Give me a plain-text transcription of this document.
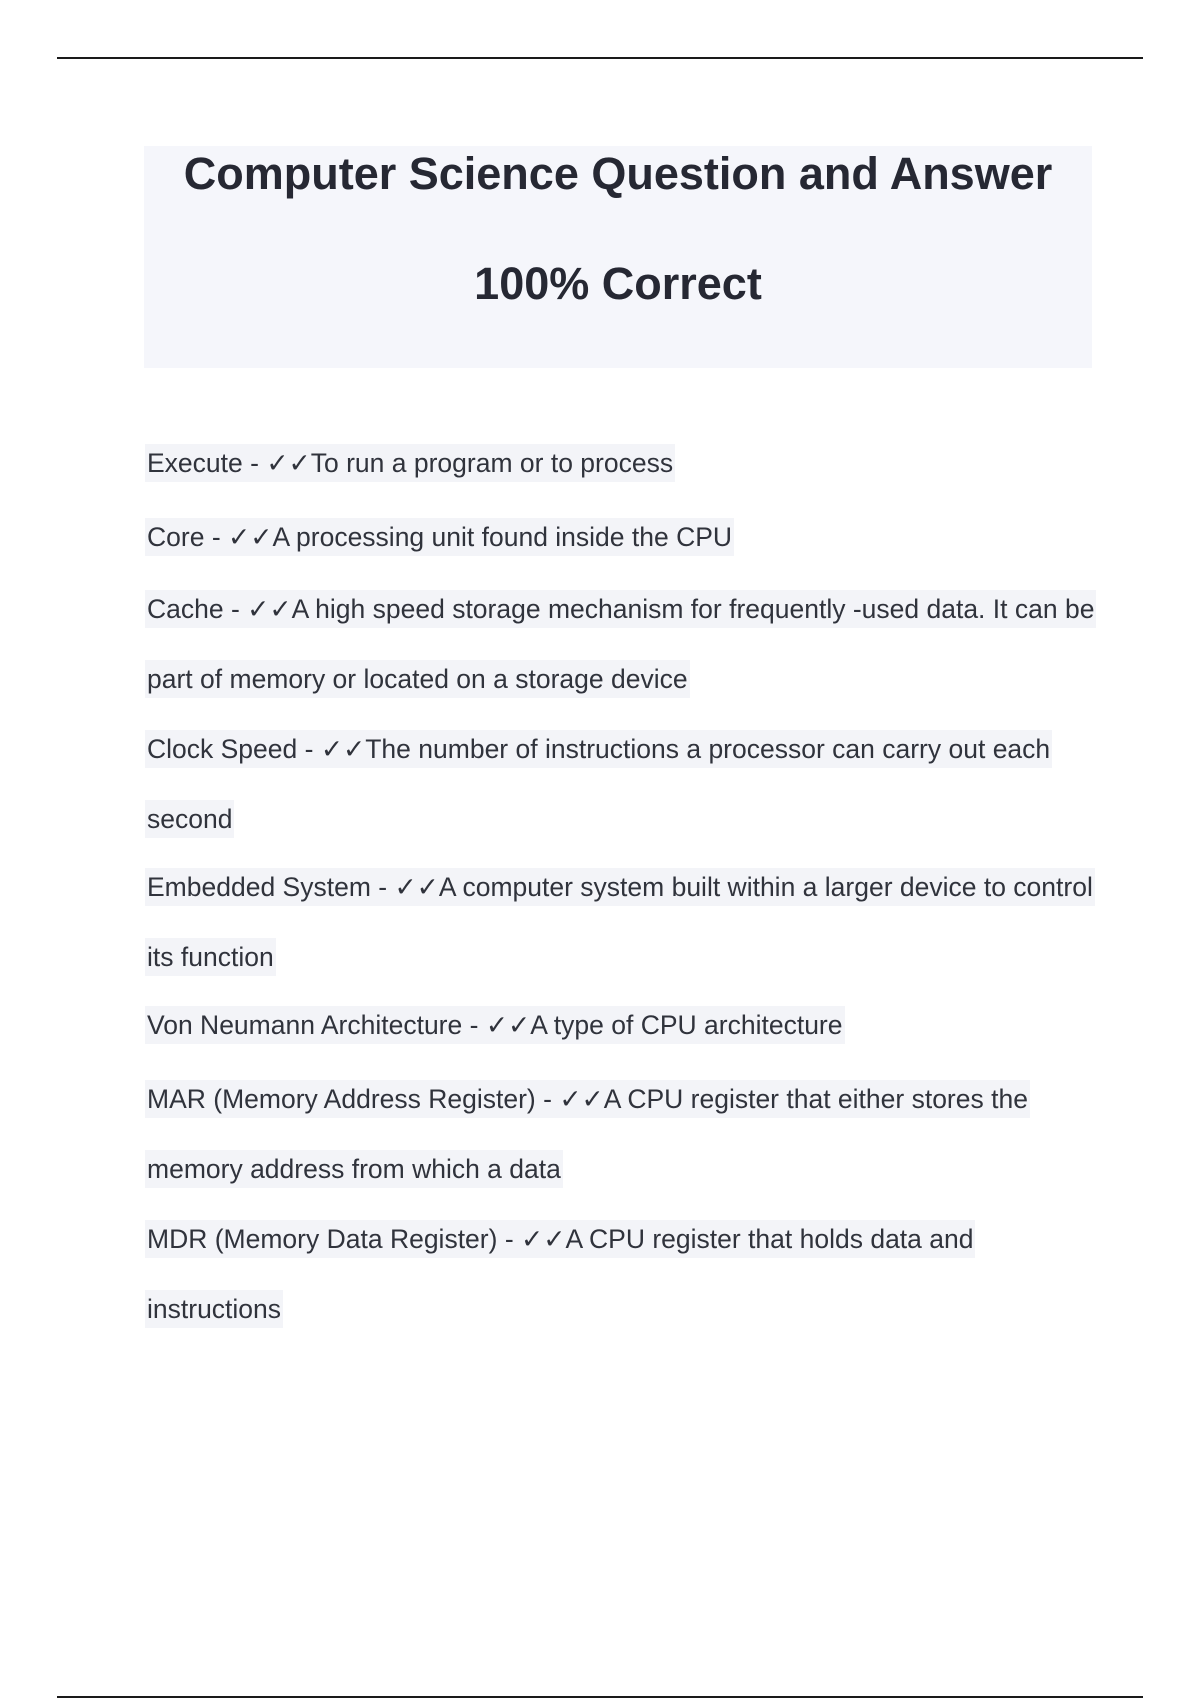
Computer Science Question and Answer
100% Correct
Execute - ✓✓To run a program or to process
Core - ✓✓A processing unit found inside the CPU
Cache - ✓✓A high speed storage mechanism for frequently -used data. It can be part of memory or located on a storage device
Clock Speed - ✓✓The number of instructions a processor can carry out each second
Embedded System - ✓✓A computer system built within a larger device to control its function
Von Neumann Architecture - ✓✓A type of CPU architecture
MAR (Memory Address Register) - ✓✓A CPU register that either stores the memory address from which a data
MDR (Memory Data Register) - ✓✓A CPU register that holds data and instructions
